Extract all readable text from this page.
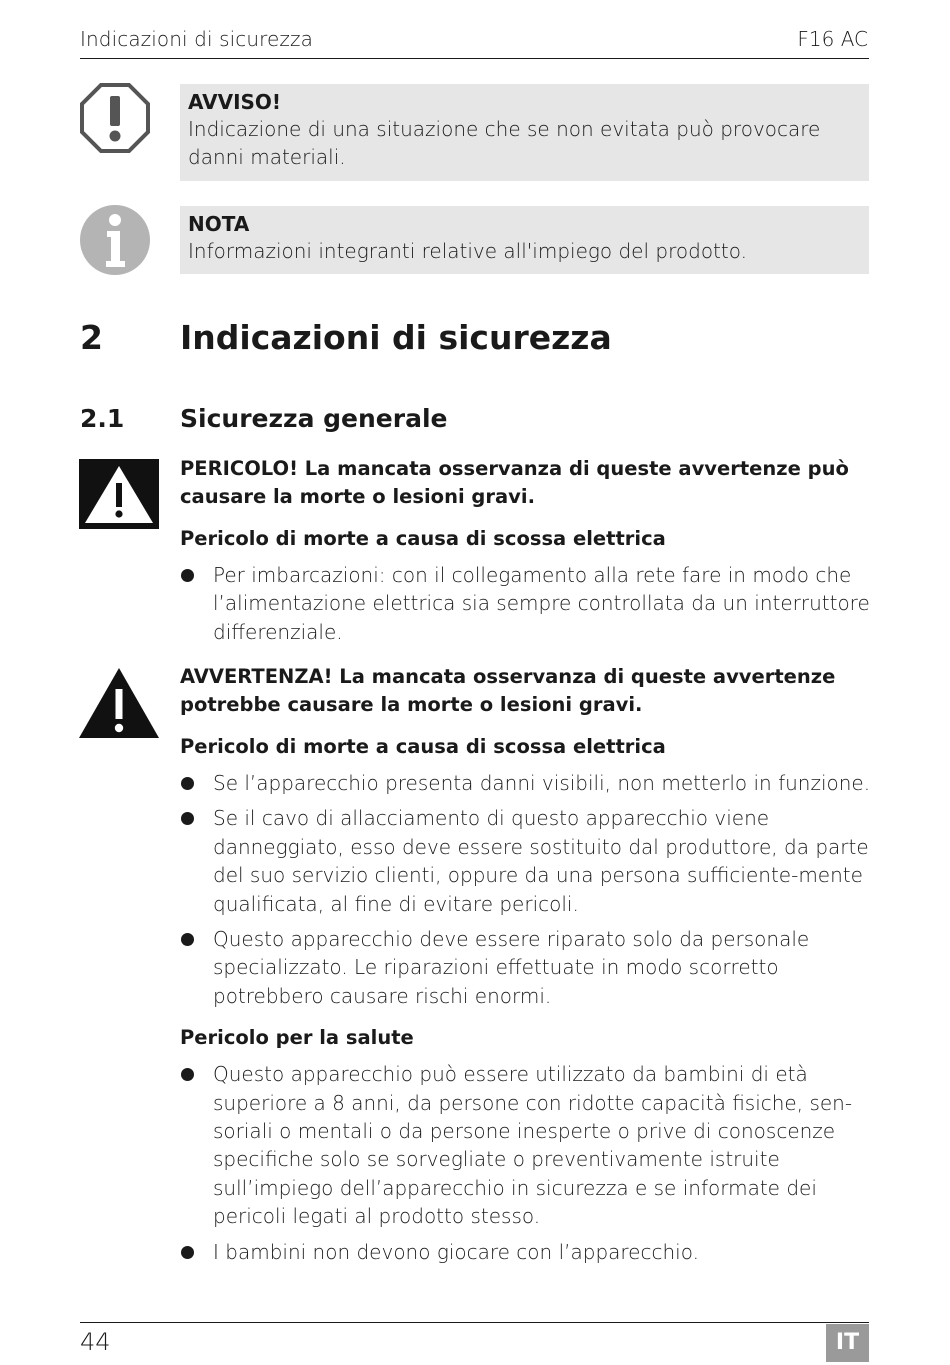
Indicazioni di sicurezza	F16 AC
AVVISO!
Indicazione di una situazione che se non evitata può provocare danni materiali.
NOTA
Informazioni integranti relative all'impiego del prodotto.
2 Indicazioni di sicurezza
2.1 Sicurezza generale
PERICOLO! La mancata osservanza di queste avvertenze può causare la morte o lesioni gravi.
Pericolo di morte a causa di scossa elettrica
Per imbarcazioni: con il collegamento alla rete fare in modo che l’alimentazione elettrica sia sempre controllata da un interruttore differenziale.
AVVERTENZA! La mancata osservanza di queste avvertenze potrebbe causare la morte o lesioni gravi.
Pericolo di morte a causa di scossa elettrica
Se l’apparecchio presenta danni visibili, non metterlo in funzione.
Se il cavo di allacciamento di questo apparecchio viene danneggiato, esso deve essere sostituito dal produttore, da parte del suo servizio clienti, oppure da una persona sufficiente-mente qualificata, al fine di evitare pericoli.
Questo apparecchio deve essere riparato solo da personale specializzato. Le riparazioni effettuate in modo scorretto potrebbero causare rischi enormi.
Pericolo per la salute
Questo apparecchio può essere utilizzato da bambini di età superiore a 8 anni, da persone con ridotte capacità fisiche, sen-soriali o mentali o da persone inesperte o prive di conoscenze specifiche solo se sorvegliate o preventivamente istruite sull’impiego dell’apparecchio in sicurezza e se informate dei pericoli legati al prodotto stesso.
I bambini non devono giocare con l’apparecchio.
44	IT
